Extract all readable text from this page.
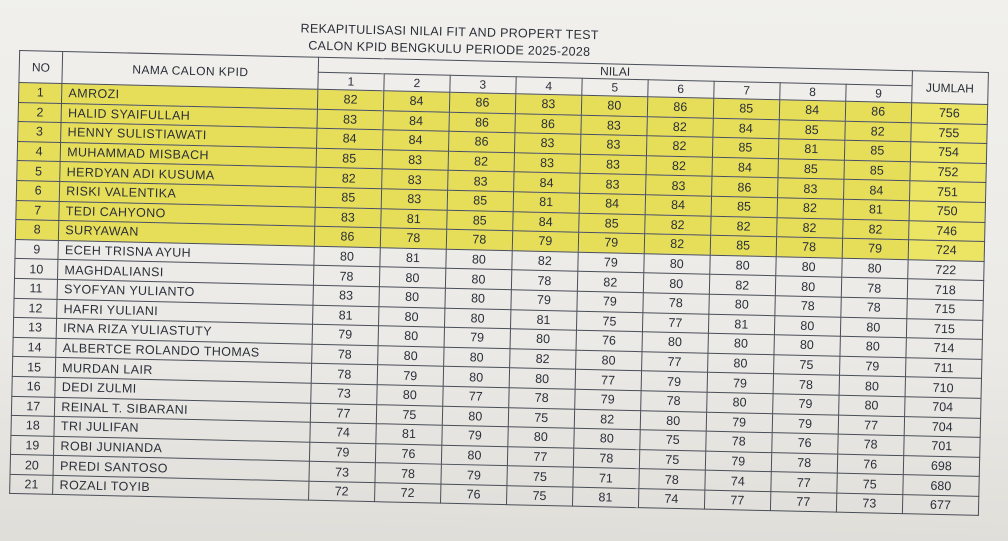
REKAPITULISASI NILAI FIT AND PROPERT TEST
CALON KPID BENGKULU PERIODE 2025-2028
NO	NAMA CALON KPID	NILAI									JUMLAH
		1	2	3	4	5	6	7	8	9	
1	AMROZI	82	84	86	83	80	86	85	84	86	756
2	HALID SYAIFULLAH	83	84	86	86	83	82	84	85	82	755
3	HENNY SULISTIAWATI	84	84	86	83	83	82	85	81	85	754
4	MUHAMMAD MISBACH	85	83	82	83	83	82	84	85	85	752
5	HERDYAN ADI KUSUMA	82	83	83	84	83	83	86	83	84	751
6	RISKI VALENTIKA	85	83	85	81	84	84	85	82	81	750
7	TEDI CAHYONO	83	81	85	84	85	82	82	82	82	746
8	SURYAWAN	86	78	78	79	79	82	85	78	79	724
9	ECEH TRISNA AYUH	80	81	80	82	79	80	80	80	80	722
10	MAGHDALIANSI	78	80	80	78	82	80	82	80	78	718
11	SYOFYAN YULIANTO	83	80	80	79	79	78	80	78	78	715
12	HAFRI YULIANI	81	80	80	81	75	77	81	80	80	715
13	IRNA RIZA YULIASTUTY	79	80	79	80	76	80	80	80	80	714
14	ALBERTCE ROLANDO THOMAS	78	80	80	82	80	77	80	75	79	711
15	MURDAN LAIR	78	79	80	80	77	79	79	78	80	710
16	DEDI ZULMI	73	80	77	78	79	78	80	79	80	704
17	REINAL T. SIBARANI	77	75	80	75	82	80	79	79	77	704
18	TRI JULIFAN	74	81	79	80	80	75	78	76	78	701
19	ROBI JUNIANDA	79	76	80	77	78	75	79	78	76	698
20	PREDI SANTOSO	73	78	79	75	71	78	74	77	75	680
21	ROZALI TOYIB	72	72	76	75	81	74	77	77	73	677
